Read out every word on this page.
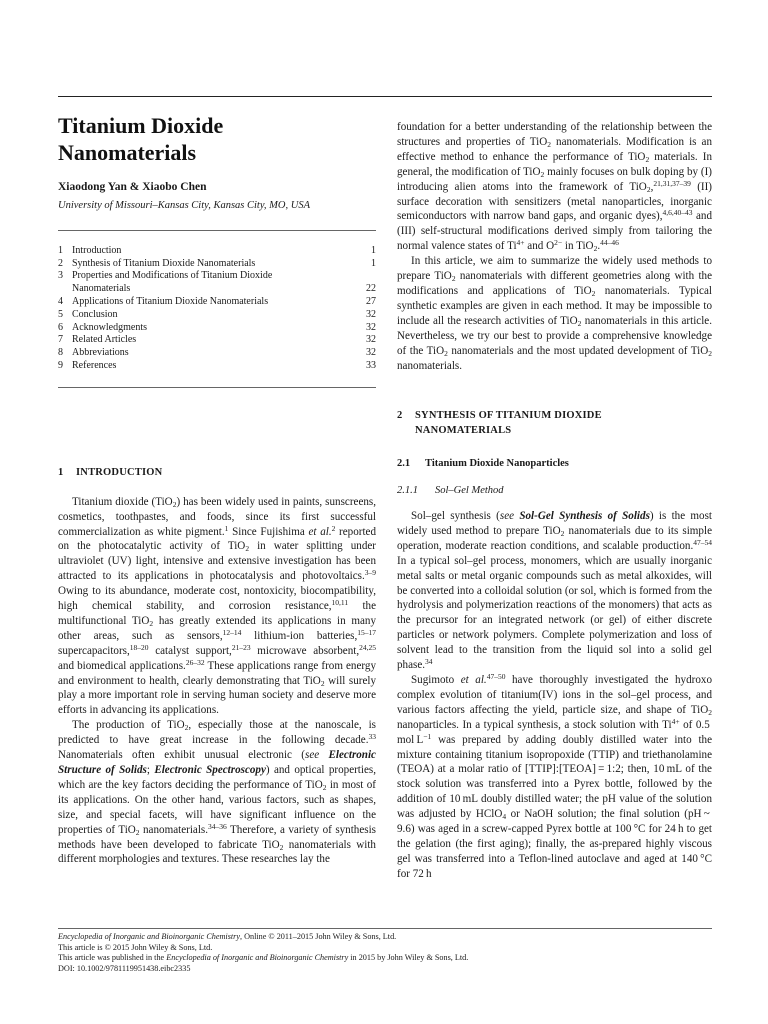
Titanium Dioxide
Nanomaterials

Xiaodong Yan & Xiaobo Chen

University of Missouri–Kansas City, Kansas City, MO, USA

1 Introduction	1
2 Synthesis of Titanium Dioxide Nanomaterials	1
3 Properties and Modifications of Titanium Dioxide
Nanomaterials	22
4 Applications of Titanium Dioxide Nanomaterials	27
5 Conclusion	32
6 Acknowledgments	32
7 Related Articles	32
8 Abbreviations	32
9 References	33
1 INTRODUCTION

Titanium dioxide (TiO$_2$) has been widely used in paints, sunscreens, cosmetics, toothpastes, and foods, since its first successful commercialization as white pigment.$^1$ Since Fujishima et al.$^2$ reported on the photocatalytic activity of TiO$_2$ in water splitting under ultraviolet (UV) light, intensive and extensive investigation has been attracted to its applications in photocatalysis and photovoltaics.$^{3-9}$ Owing to its abundance, moderate cost, nontoxicity, biocompatibility, high chemical stability, and corrosion resistance,$^{10,11}$ the multifunctional TiO$_2$ has greatly extended its applications in many other areas, such as sensors,$^{12-14}$ lithium-ion batteries,$^{15-17}$ supercapacitors,$^{18-20}$ catalyst support,$^{21-23}$ microwave absorbent,$^{24,25}$ and biomedical applications.$^{26-32}$ These applications range from energy and environment to health, clearly demonstrating that TiO$_2$ will surely play a more important role in serving human society and deserve more efforts in advancing its applications.

The production of TiO$_2$, especially those at the nanoscale, is predicted to have great increase in the following decade.$^{33}$ Nanomaterials often exhibit unusual electronic (see Electronic Structure of Solids; Electronic Spectroscopy) and optical properties, which are the key factors deciding the performance of TiO$_2$ in most of its applications. On the other hand, various factors, such as shapes, size, and special facets, will have significant influence on the properties of TiO$_2$ nanomaterials.$^{34-36}$ Therefore, a variety of synthesis methods have been developed to fabricate TiO$_2$ nanomaterials with different morphologies and textures. These researches lay the

foundation for a better understanding of the relationship between the structures and properties of TiO$_2$ nanomaterials. Modification is an effective method to enhance the performance of TiO$_2$ materials. In general, the modification of TiO$_2$ mainly focuses on bulk doping by (I) introducing alien atoms into the framework of TiO$_2$,$^{21,31,37-39}$ (II) surface decoration with sensitizers (metal nanoparticles, inorganic semiconductors with narrow band gaps, and organic dyes),$^{4,6,40-43}$ and (III) self-structural modifications derived simply from tailoring the normal valence states of $Ti^{4+}$ and $O^{2-}$ in TiO$_2$.$^{44-46}$

In this article, we aim to summarize the widely used methods to prepare TiO$_2$ nanomaterials with different geometries along with the modifications and applications of TiO$_2$ nanomaterials. Typical synthetic examples are given in each method. It may be impossible to include all the research activities of TiO$_2$ nanomaterials in this article. Nevertheless, we try our best to provide a comprehensive knowledge of the TiO$_2$ nanomaterials and the most updated development of TiO$_2$ nanomaterials.

2	SYNTHESIS OF TITANIUM DIOXIDE
NANOMATERIALS
2.1 Titanium Dioxide Nanoparticles
2.1.1 Sol–Gel Method

Sol–gel synthesis (see Sol-Gel Synthesis of Solids) is the most widely used method to prepare TiO$_2$ nanomaterials due to its simple operation, moderate reaction conditions, and scalable production.$^{47-54}$ In a typical sol–gel process, monomers, which are usually inorganic metal salts or metal organic compounds such as metal alkoxides, will be converted into a colloidal solution (or sol, which is formed from the hydrolysis and polymerization reactions of the monomers) that acts as the precursor for an integrated network (or gel) of either discrete particles or network polymers. Complete polymerization and loss of solvent lead to the transition from the liquid sol into a solid gel phase.$^{34}$

Sugimoto et al.$^{47-50}$ have thoroughly investigated the hydroxo complex evolution of titanium(IV) ions in the sol–gel process, and various factors affecting the yield, particle size, and shape of TiO$_2$ nanoparticles. In a typical synthesis, a stock solution with $Ti^{4+}$ of 0.5 mol $L^{-1}$ was prepared by adding doubly distilled water into the mixture containing titanium isopropoxide (TTIP) and triethanolamine (TEOA) at a molar ratio of [TTIP]:[TEOA] = 1:2; then, 10 mL of the stock solution was transferred into a Pyrex bottle, followed by the addition of 10 mL doubly distilled water; the pH value of the solution was adjusted by HClO$_4$ or NaOH solution; the final solution (pH ~ 9.6) was aged in a screw-capped Pyrex bottle at 100 °C for 24 h to get the gelation (the first aging); finally, the as-prepared highly viscous gel was transferred into a Teflon-lined autoclave and aged at 140 °C for 72 h

Encyclopedia of Inorganic and Bioinorganic Chemistry, Online © 2011–2015 John Wiley & Sons, Ltd.

This article is © 2015 John Wiley & Sons, Ltd.

This article was published in the Encyclopedia of Inorganic and Bioinorganic Chemistry in 2015 by John Wiley & Sons, Ltd.

DOI: 10.1002/9781119951438.eibc2335
